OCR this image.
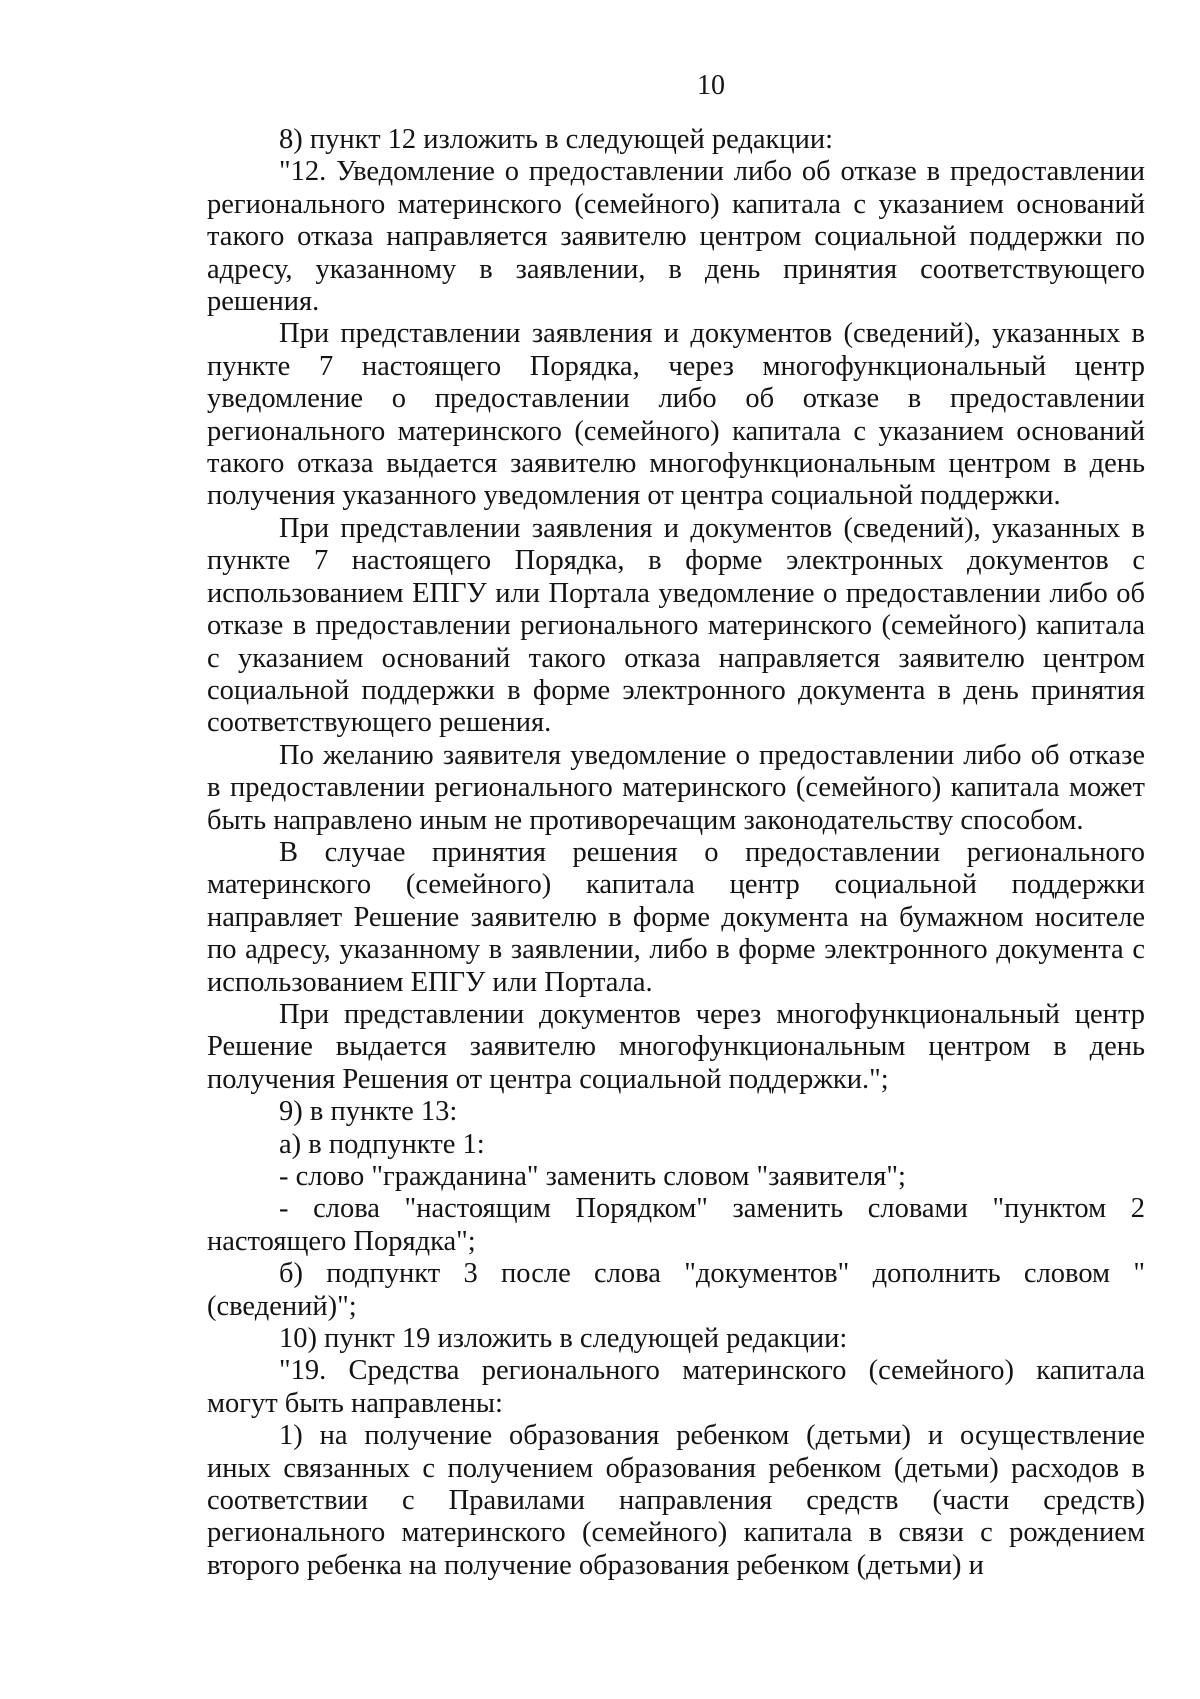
10

8) пункт 12 изложить в следующей редакции:

"12. Уведомление о предоставлении либо об отказе в предоставлении регионального материнского (семейного) капитала с указанием оснований такого отказа направляется заявителю центром социальной поддержки по адресу, указанному в заявлении, в день принятия соответствующего решения.

При представлении заявления и документов (сведений), указанных в пункте 7 настоящего Порядка, через многофункциональный центр уведомление о предоставлении либо об отказе в предоставлении регионального материнского (семейного) капитала с указанием оснований такого отказа выдается заявителю многофункциональным центром в день получения указанного уведомления от центра социальной поддержки.

При представлении заявления и документов (сведений), указанных в пункте 7 настоящего Порядка, в форме электронных документов с использованием ЕПГУ или Портала уведомление о предоставлении либо об отказе в предоставлении регионального материнского (семейного) капитала с указанием оснований такого отказа направляется заявителю центром социальной поддержки в форме электронного документа в день принятия соответствующего решения.

По желанию заявителя уведомление о предоставлении либо об отказе в предоставлении регионального материнского (семейного) капитала может быть направлено иным не противоречащим законодательству способом.

В случае принятия решения о предоставлении регионального материнского (семейного) капитала центр социальной поддержки направляет Решение заявителю в форме документа на бумажном носителе по адресу, указанному в заявлении, либо в форме электронного документа с использованием ЕПГУ или Портала.

При представлении документов через многофункциональный центр Решение выдается заявителю многофункциональным центром в день получения Решения от центра социальной поддержки.";

9) в пункте 13:

а) в подпункте 1:

- слово "гражданина" заменить словом "заявителя";

- слова "настоящим Порядком" заменить словами "пунктом 2 настоящего Порядка";

б) подпункт 3 после слова "документов" дополнить словом "(сведений)";

10) пункт 19 изложить в следующей редакции:

"19. Средства регионального материнского (семейного) капитала могут быть направлены:

1) на получение образования ребенком (детьми) и осуществление иных связанных с получением образования ребенком (детьми) расходов в соответствии с Правилами направления средств (части средств) регионального материнского (семейного) капитала в связи с рождением второго ребенка на получение образования ребенком (детьми) и
